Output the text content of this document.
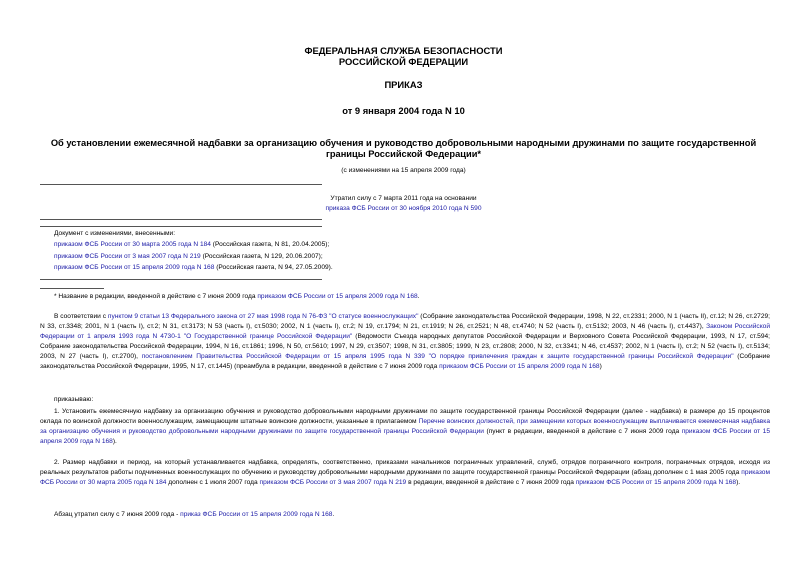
ФЕДЕРАЛЬНАЯ СЛУЖБА БЕЗОПАСНОСТИ
РОССИЙСКОЙ ФЕДЕРАЦИИ
ПРИКАЗ
от 9 января 2004 года N 10
Об установлении ежемесячной надбавки за организацию обучения и руководство добровольными народными дружинами по защите государственной границы Российской Федерации*
(с изменениями на 15 апреля 2009 года)
Утратил силу с 7 марта 2011 года на основании
приказа ФСБ России от 30 ноября 2010 года N 590
Документ с изменениями, внесенными:
приказом ФСБ России от 30 марта 2005 года N 184 (Российская газета, N 81, 20.04.2005);
приказом ФСБ России от 3 мая 2007 года N 219 (Российская газета, N 129, 20.06.2007);
приказом ФСБ России от 15 апреля 2009 года N 168 (Российская газета, N 94, 27.05.2009).
* Название в редакции, введенной в действие с 7 июня 2009 года приказом ФСБ России от 15 апреля 2009 года N 168.
В соответствии с пунктом 9 статьи 13 Федерального закона от 27 мая 1998 года N 76-ФЗ "О статусе военнослужащих" (Собрание законодательства Российской Федерации, 1998, N 22, ст.2331; 2000, N 1 (часть II), ст.12; N 26, ст.2729; N 33, ст.3348; 2001, N 1 (часть I), ст.2; N 31, ст.3173; N 53 (часть I), ст.5030; 2002, N 1 (часть I), ст.2; N 19, ст.1794; N 21, ст.1919; N 26, ст.2521; N 48, ст.4740; N 52 (часть I), ст.5132; 2003, N 46 (часть I), ст.4437), Законом Российской Федерации от 1 апреля 1993 года N 4730-1 "О Государственной границе Российской Федерации" (Ведомости Съезда народных депутатов Российской Федерации и Верховного Совета Российской Федерации, 1993, N 17, ст.594; Собрание законодательства Российской Федерации, 1994, N 16, ст.1861; 1996, N 50, ст.5610; 1997, N 29, ст.3507; 1998, N 31, ст.3805; 1999, N 23, ст.2808; 2000, N 32, ст.3341; N 46, ст.4537; 2002, N 1 (часть I), ст.2; N 52 (часть I), ст.5134; 2003, N 27 (часть I), ст.2700), постановлением Правительства Российской Федерации от 15 апреля 1995 года N 339 "О порядке привлечения граждан к защите государственной границы Российской Федерации" (Собрание законодательства Российской Федерации, 1995, N 17, ст.1445) (преамбула в редакции, введенной в действие с 7 июня 2009 года приказом ФСБ России от 15 апреля 2009 года N 168)
приказываю:
1. Установить ежемесячную надбавку за организацию обучения и руководство добровольными народными дружинами по защите государственной границы Российской Федерации (далее - надбавка) в размере до 15 процентов оклада по воинской должности военнослужащим, замещающим штатные воинские должности, указанные в прилагаемом Перечне воинских должностей, при замещении которых военнослужащим выплачивается ежемесячная надбавка за организацию обучения и руководство добровольными народными дружинами по защите государственной границы Российской Федерации (пункт в редакции, введенной в действие с 7 июня 2009 года приказом ФСБ России от 15 апреля 2009 года N 168).
2. Размер надбавки и период, на который устанавливается надбавка, определять, соответственно, приказами начальников пограничных управлений, служб, отрядов пограничного контроля, пограничных отрядов, исходя из реальных результатов работы подчиненных военнослужащих по обучению и руководству добровольными народными дружинами по защите государственной границы Российской Федерации (абзац дополнен с 1 мая 2005 года приказом ФСБ России от 30 марта 2005 года N 184 дополнен с 1 июля 2007 года приказом ФСБ России от 3 мая 2007 года N 219 в редакции, введенной в действие с 7 июня 2009 года приказом ФСБ России от 15 апреля 2009 года N 168).
Абзац утратил силу с 7 июня 2009 года - приказ ФСБ России от 15 апреля 2009 года N 168.
